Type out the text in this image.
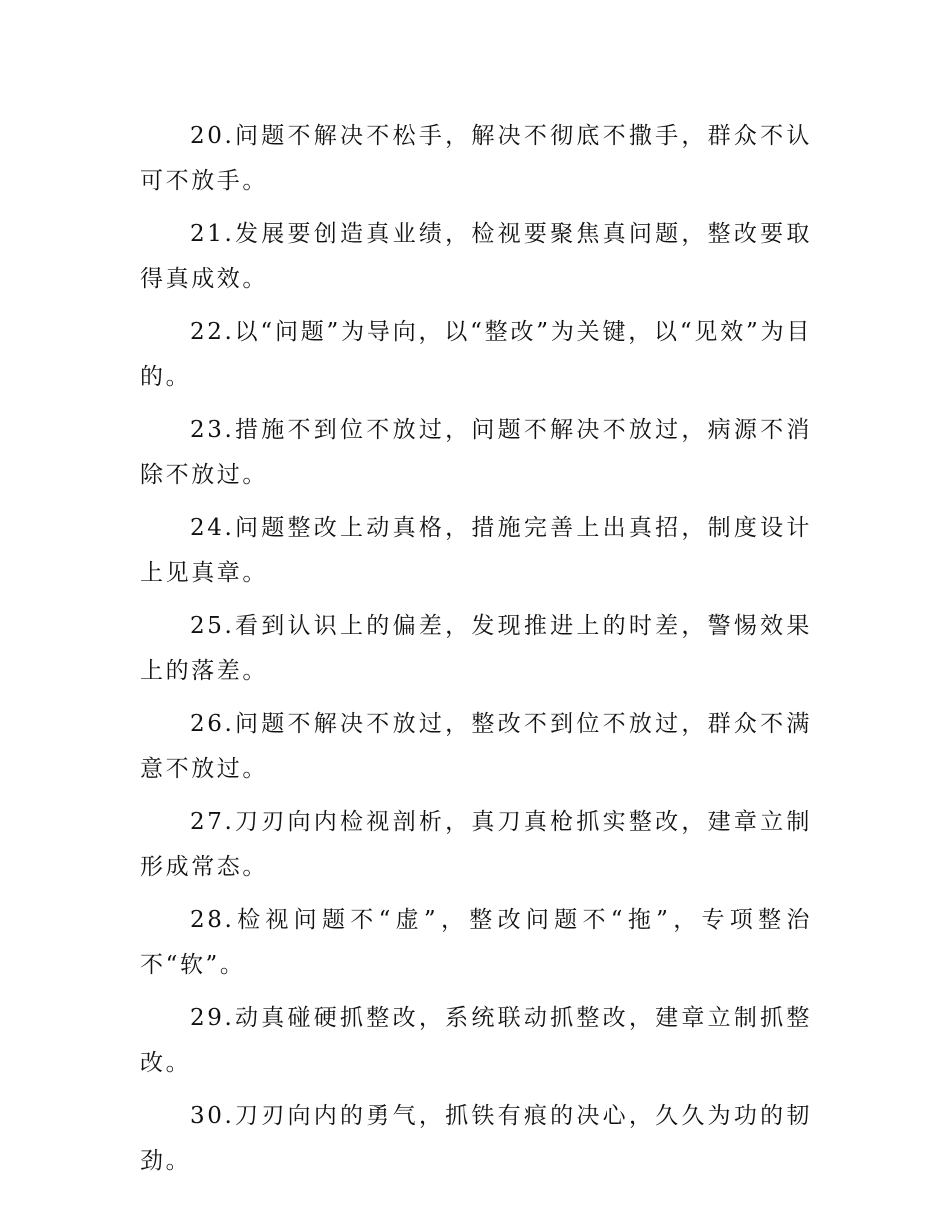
20.问题不解决不松手，解决不彻底不撒手，群众不认可不放手。

21.发展要创造真业绩，检视要聚焦真问题，整改要取得真成效。

22.以“问题”为导向，以“整改”为关键，以“见效”为目的。

23.措施不到位不放过，问题不解决不放过，病源不消除不放过。

24.问题整改上动真格，措施完善上出真招，制度设计上见真章。

25.看到认识上的偏差，发现推进上的时差，警惕效果上的落差。

26.问题不解决不放过，整改不到位不放过，群众不满意不放过。

27.刀刃向内检视剖析，真刀真枪抓实整改，建章立制形成常态。

28.检视问题不“虚”，整改问题不“拖”，专项整治不“软”。

29.动真碰硬抓整改，系统联动抓整改，建章立制抓整改。

30.刀刃向内的勇气，抓铁有痕的决心，久久为功的韧劲。
